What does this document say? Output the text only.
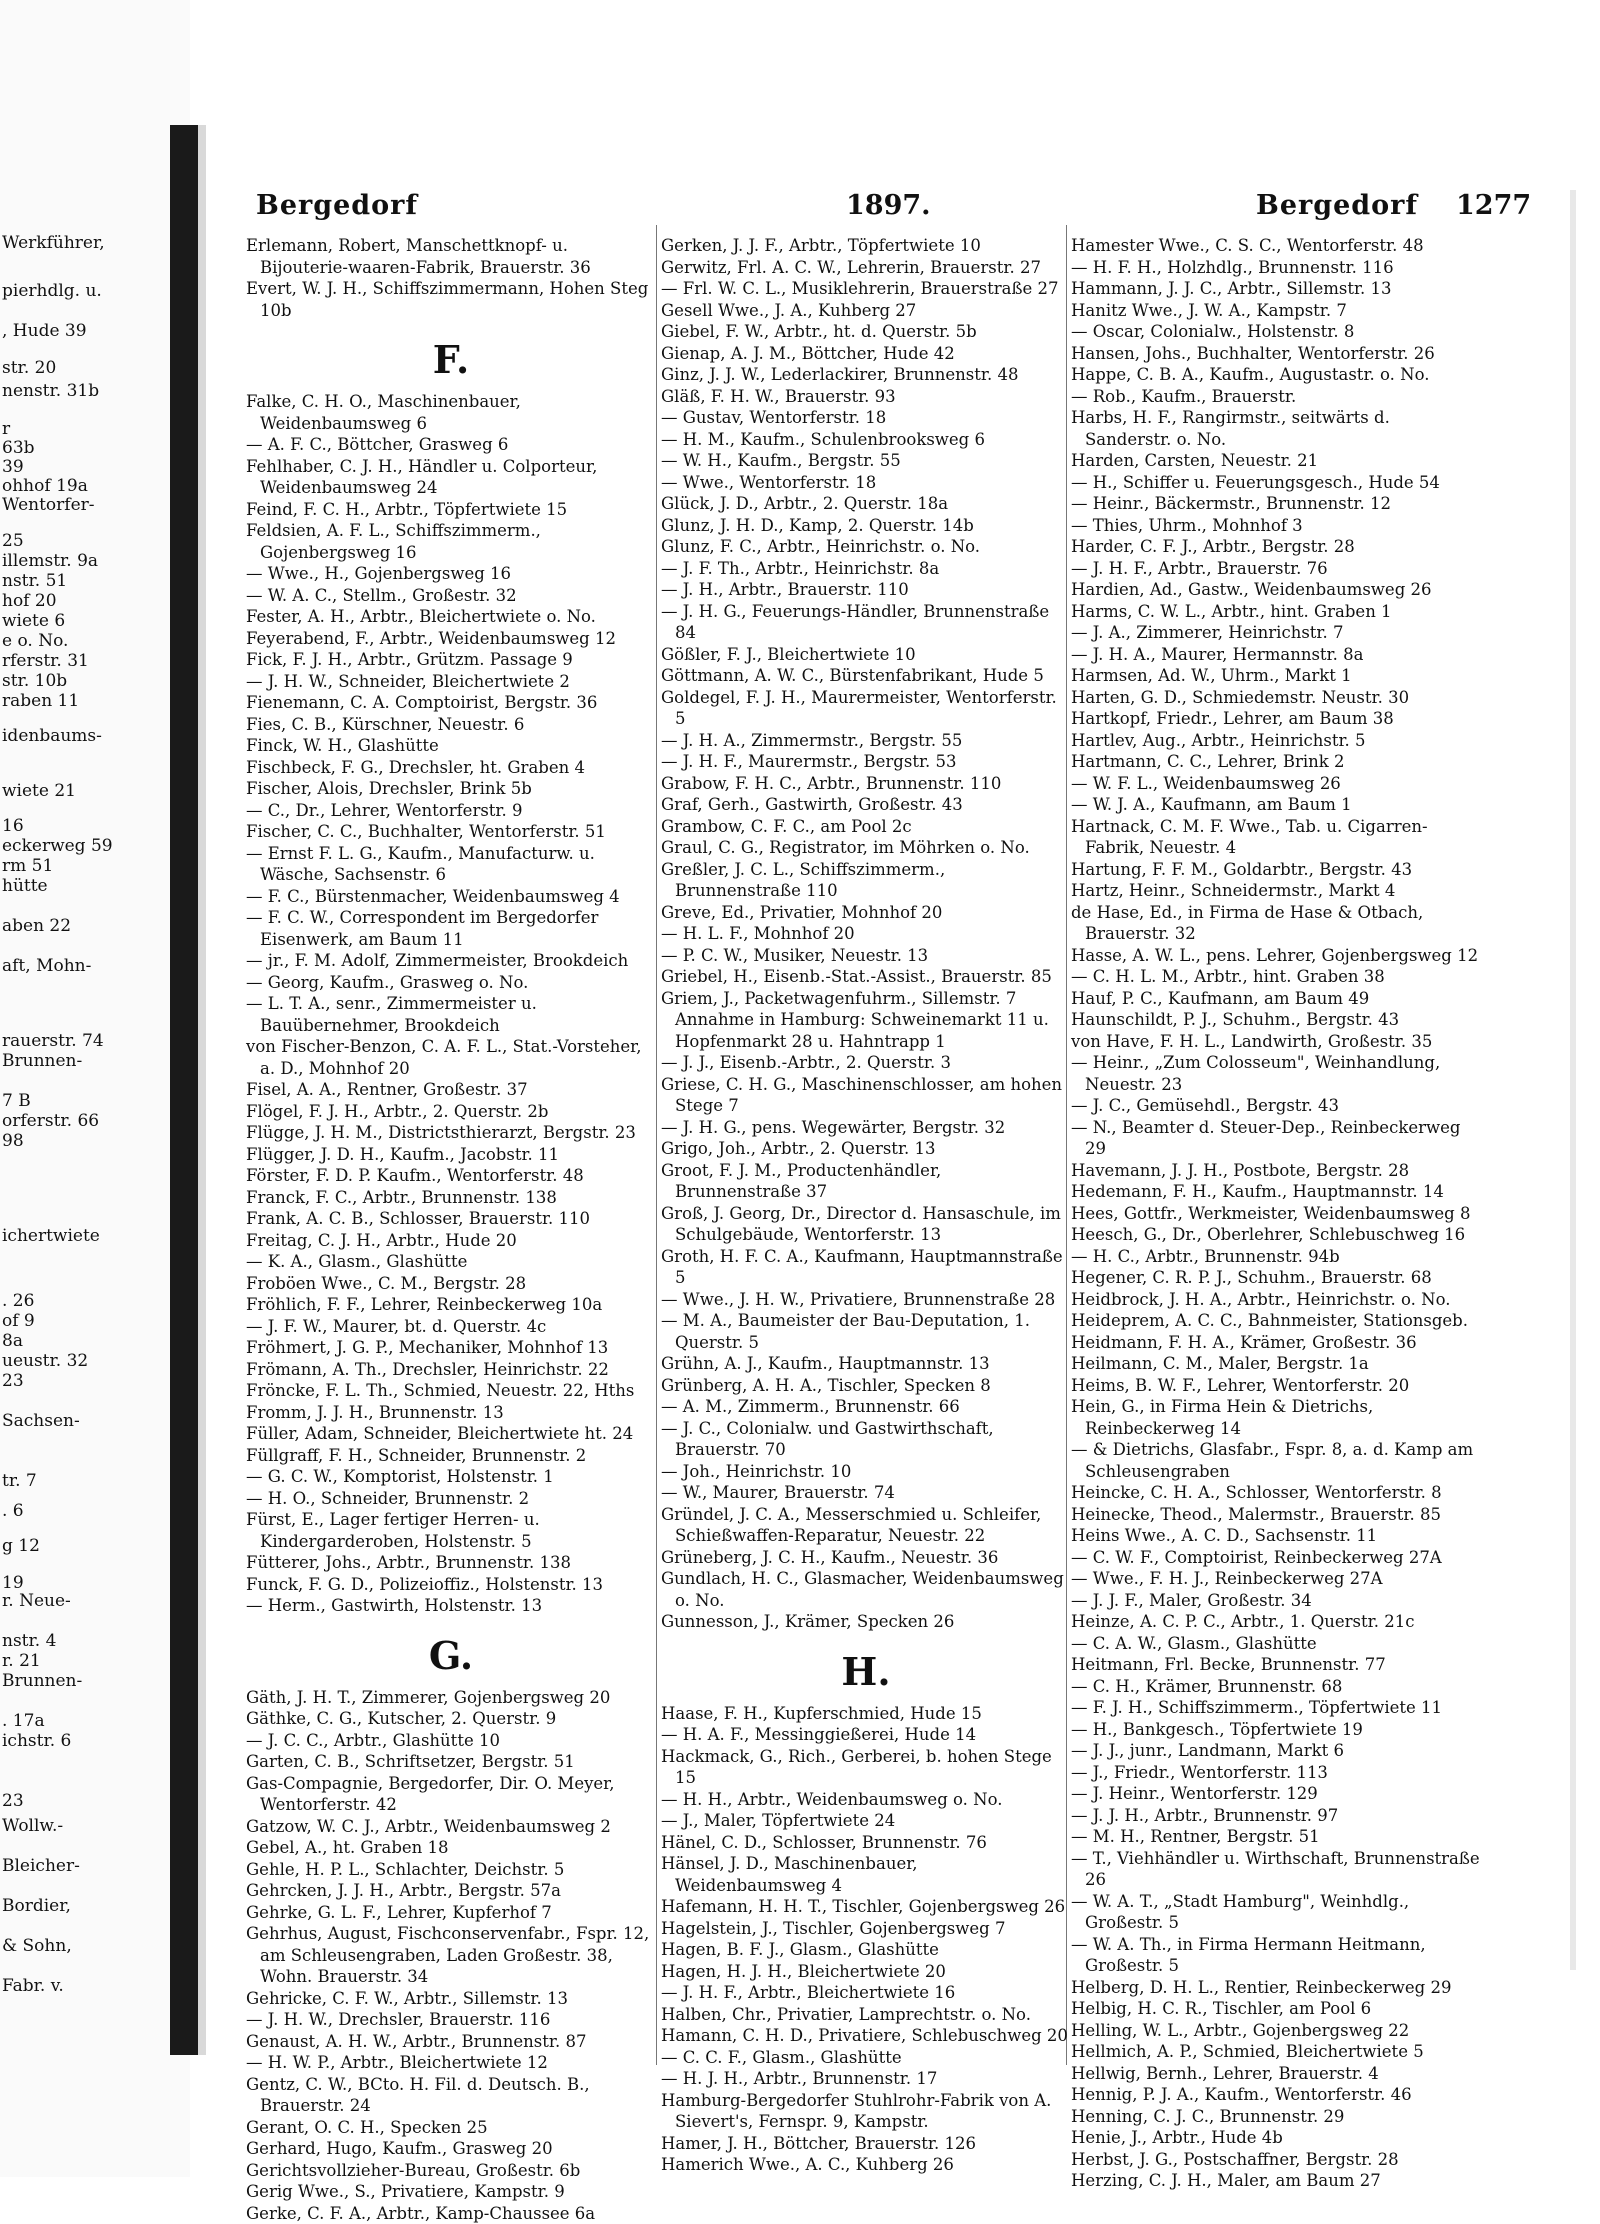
Werkführer,
pierhdlg. u.
, Hude 39
str. 20
nenstr. 31b
r
63b
39
ohhof 19a
Wentorfer-
25
illemstr. 9a
nstr. 51
hof 20
wiete 6
e o. No.
rferstr. 31
str. 10b
raben 11
idenbaums-
wiete 21
16
eckerweg 59
rm 51
hütte
aben 22
aft, Mohn-
rauerstr. 74
Brunnen-
7 B
orferstr. 66
98
ichertwiete
. 26
of 9
8a
ueustr. 32
23
Sachsen-
tr. 7
. 6
g 12
19
r. Neue-
nstr. 4
r. 21
Brunnen-
. 17a
ichstr. 6
23
Wollw.-
Bleicher-
Bordier,
& Sohn,
Fabr. v.
Bergedorf	1897.	Bergedorf 1277

Erlemann, Robert, Manschettknopf- u. Bijouterie-waaren-Fabrik, Brauerstr. 36

Evert, W. J. H., Schiffszimmermann, Hohen Steg 10b

F.

Falke, C. H. O., Maschinenbauer, Weidenbaumsweg 6

— A. F. C., Böttcher, Grasweg 6

Fehlhaber, C. J. H., Händler u. Colporteur, Weidenbaumsweg 24

Feind, F. C. H., Arbtr., Töpfertwiete 15

Feldsien, A. F. L., Schiffszimmerm., Gojenbergsweg 16

— Wwe., H., Gojenbergsweg 16

— W. A. C., Stellm., Großestr. 32

Fester, A. H., Arbtr., Bleichertwiete o. No.

Feyerabend, F., Arbtr., Weidenbaumsweg 12

Fick, F. J. H., Arbtr., Grützm. Passage 9

— J. H. W., Schneider, Bleichertwiete 2

Fienemann, C. A. Comptoirist, Bergstr. 36

Fies, C. B., Kürschner, Neuestr. 6

Finck, W. H., Glashütte

Fischbeck, F. G., Drechsler, ht. Graben 4

Fischer, Alois, Drechsler, Brink 5b

— C., Dr., Lehrer, Wentorferstr. 9

Fischer, C. C., Buchhalter, Wentorferstr. 51

— Ernst F. L. G., Kaufm., Manufacturw. u. Wäsche, Sachsenstr. 6

— F. C., Bürstenmacher, Weidenbaumsweg 4

— F. C. W., Correspondent im Bergedorfer Eisenwerk, am Baum 11

— jr., F. M. Adolf, Zimmermeister, Brookdeich

— Georg, Kaufm., Grasweg o. No.

— L. T. A., senr., Zimmermeister u. Bauübernehmer, Brookdeich

von Fischer-Benzon, C. A. F. L., Stat.-Vorsteher, a. D., Mohnhof 20

Fisel, A. A., Rentner, Großestr. 37

Flögel, F. J. H., Arbtr., 2. Querstr. 2b

Flügge, J. H. M., Districtsthierarzt, Bergstr. 23

Flügger, J. D. H., Kaufm., Jacobstr. 11

Förster, F. D. P. Kaufm., Wentorferstr. 48

Franck, F. C., Arbtr., Brunnenstr. 138

Frank, A. C. B., Schlosser, Brauerstr. 110

Freitag, C. J. H., Arbtr., Hude 20

— K. A., Glasm., Glashütte

Froböen Wwe., C. M., Bergstr. 28

Fröhlich, F. F., Lehrer, Reinbeckerweg 10a

— J. F. W., Maurer, bt. d. Querstr. 4c

Fröhmert, J. G. P., Mechaniker, Mohnhof 13

Frömann, A. Th., Drechsler, Heinrichstr. 22

Fröncke, F. L. Th., Schmied, Neuestr. 22, Hths

Fromm, J. J. H., Brunnenstr. 13

Füller, Adam, Schneider, Bleichertwiete ht. 24

Füllgraff, F. H., Schneider, Brunnenstr. 2

— G. C. W., Komptorist, Holstenstr. 1

— H. O., Schneider, Brunnenstr. 2

Fürst, E., Lager fertiger Herren- u. Kindergarderoben, Holstenstr. 5

Fütterer, Johs., Arbtr., Brunnenstr. 138

Funck, F. G. D., Polizeioffiz., Holstenstr. 13

— Herm., Gastwirth, Holstenstr. 13

G.

Gäth, J. H. T., Zimmerer, Gojenbergsweg 20

Gäthke, C. G., Kutscher, 2. Querstr. 9

— J. C. C., Arbtr., Glashütte 10

Garten, C. B., Schriftsetzer, Bergstr. 51

Gas-Compagnie, Bergedorfer, Dir. O. Meyer, Wentorferstr. 42

Gatzow, W. C. J., Arbtr., Weidenbaumsweg 2

Gebel, A., ht. Graben 18

Gehle, H. P. L., Schlachter, Deichstr. 5

Gehrcken, J. J. H., Arbtr., Bergstr. 57a

Gehrke, G. L. F., Lehrer, Kupferhof 7

Gehrhus, August, Fischconservenfabr., Fspr. 12, am Schleusengraben, Laden Großestr. 38, Wohn. Brauerstr. 34

Gehricke, C. F. W., Arbtr., Sillemstr. 13

— J. H. W., Drechsler, Brauerstr. 116

Genaust, A. H. W., Arbtr., Brunnenstr. 87

— H. W. P., Arbtr., Bleichertwiete 12

Gentz, C. W., BCto. H. Fil. d. Deutsch. B., Brauerstr. 24

Gerant, O. C. H., Specken 25

Gerhard, Hugo, Kaufm., Grasweg 20

Gerichtsvollzieher-Bureau, Großestr. 6b

Gerig Wwe., S., Privatiere, Kampstr. 9

Gerke, C. F. A., Arbtr., Kamp-Chaussee 6a

Gerken, J. J. F., Arbtr., Töpfertwiete 10

Gerwitz, Frl. A. C. W., Lehrerin, Brauerstr. 27

— Frl. W. C. L., Musiklehrerin, Brauerstraße 27

Gesell Wwe., J. A., Kuhberg 27

Giebel, F. W., Arbtr., ht. d. Querstr. 5b

Gienap, A. J. M., Böttcher, Hude 42

Ginz, J. J. W., Lederlackirer, Brunnenstr. 48

Gläß, F. H. W., Brauerstr. 93

— Gustav, Wentorferstr. 18

— H. M., Kaufm., Schulenbrooksweg 6

— W. H., Kaufm., Bergstr. 55

— Wwe., Wentorferstr. 18

Glück, J. D., Arbtr., 2. Querstr. 18a

Glunz, J. H. D., Kamp, 2. Querstr. 14b

Glunz, F. C., Arbtr., Heinrichstr. o. No.

— J. F. Th., Arbtr., Heinrichstr. 8a

— J. H., Arbtr., Brauerstr. 110

— J. H. G., Feuerungs-Händler, Brunnenstraße 84

Gößler, F. J., Bleichertwiete 10

Göttmann, A. W. C., Bürstenfabrikant, Hude 5

Goldegel, F. J. H., Maurermeister, Wentorferstr. 5

— J. H. A., Zimmermstr., Bergstr. 55

— J. H. F., Maurermstr., Bergstr. 53

Grabow, F. H. C., Arbtr., Brunnenstr. 110

Graf, Gerh., Gastwirth, Großestr. 43

Grambow, C. F. C., am Pool 2c

Graul, C. G., Registrator, im Möhrken o. No.

Greßler, J. C. L., Schiffszimmerm., Brunnenstraße 110

Greve, Ed., Privatier, Mohnhof 20

— H. L. F., Mohnhof 20

— P. C. W., Musiker, Neuestr. 13

Griebel, H., Eisenb.-Stat.-Assist., Brauerstr. 85

Griem, J., Packetwagenfuhrm., Sillemstr. 7 Annahme in Hamburg: Schweinemarkt 11 u. Hopfenmarkt 28 u. Hahntrapp 1

— J. J., Eisenb.-Arbtr., 2. Querstr. 3

Griese, C. H. G., Maschinenschlosser, am hohen Stege 7

— J. H. G., pens. Wegewärter, Bergstr. 32

Grigo, Joh., Arbtr., 2. Querstr. 13

Groot, F. J. M., Productenhändler, Brunnenstraße 37

Groß, J. Georg, Dr., Director d. Hansaschule, im Schulgebäude, Wentorferstr. 13

Groth, H. F. C. A., Kaufmann, Hauptmannstraße 5

— Wwe., J. H. W., Privatiere, Brunnenstraße 28

— M. A., Baumeister der Bau-Deputation, 1. Querstr. 5

Grühn, A. J., Kaufm., Hauptmannstr. 13

Grünberg, A. H. A., Tischler, Specken 8

— A. M., Zimmerm., Brunnenstr. 66

— J. C., Colonialw. und Gastwirthschaft, Brauerstr. 70

— Joh., Heinrichstr. 10

— W., Maurer, Brauerstr. 74

Gründel, J. C. A., Messerschmied u. Schleifer, Schießwaffen-Reparatur, Neuestr. 22

Grüneberg, J. C. H., Kaufm., Neuestr. 36

Gundlach, H. C., Glasmacher, Weidenbaumsweg o. No.

Gunnesson, J., Krämer, Specken 26

H.

Haase, F. H., Kupferschmied, Hude 15

— H. A. F., Messinggießerei, Hude 14

Hackmack, G., Rich., Gerberei, b. hohen Stege 15

— H. H., Arbtr., Weidenbaumsweg o. No.

— J., Maler, Töpfertwiete 24

Hänel, C. D., Schlosser, Brunnenstr. 76

Hänsel, J. D., Maschinenbauer, Weidenbaumsweg 4

Hafemann, H. H. T., Tischler, Gojenbergsweg 26

Hagelstein, J., Tischler, Gojenbergsweg 7

Hagen, B. F. J., Glasm., Glashütte

Hagen, H. J. H., Bleichertwiete 20

— J. H. F., Arbtr., Bleichertwiete 16

Halben, Chr., Privatier, Lamprechtstr. o. No.

Hamann, C. H. D., Privatiere, Schlebuschweg 20

— C. C. F., Glasm., Glashütte

— H. J. H., Arbtr., Brunnenstr. 17

Hamburg-Bergedorfer Stuhlrohr-Fabrik von A. Sievert's, Fernspr. 9, Kampstr.

Hamer, J. H., Böttcher, Brauerstr. 126

Hamerich Wwe., A. C., Kuhberg 26

Hamester Wwe., C. S. C., Wentorferstr. 48

— H. F. H., Holzhdlg., Brunnenstr. 116

Hammann, J. J. C., Arbtr., Sillemstr. 13

Hanitz Wwe., J. W. A., Kampstr. 7

— Oscar, Colonialw., Holstenstr. 8

Hansen, Johs., Buchhalter, Wentorferstr. 26

Happe, C. B. A., Kaufm., Augustastr. o. No.

— Rob., Kaufm., Brauerstr.

Harbs, H. F., Rangirmstr., seitwärts d. Sanderstr. o. No.

Harden, Carsten, Neuestr. 21

— H., Schiffer u. Feuerungsgesch., Hude 54

— Heinr., Bäckermstr., Brunnenstr. 12

— Thies, Uhrm., Mohnhof 3

Harder, C. F. J., Arbtr., Bergstr. 28

— J. H. F., Arbtr., Brauerstr. 76

Hardien, Ad., Gastw., Weidenbaumsweg 26

Harms, C. W. L., Arbtr., hint. Graben 1

— J. A., Zimmerer, Heinrichstr. 7

— J. H. A., Maurer, Hermannstr. 8a

Harmsen, Ad. W., Uhrm., Markt 1

Harten, G. D., Schmiedemstr. Neustr. 30

Hartkopf, Friedr., Lehrer, am Baum 38

Hartlev, Aug., Arbtr., Heinrichstr. 5

Hartmann, C. C., Lehrer, Brink 2

— W. F. L., Weidenbaumsweg 26

— W. J. A., Kaufmann, am Baum 1

Hartnack, C. M. F. Wwe., Tab. u. Cigarren-Fabrik, Neuestr. 4

Hartung, F. F. M., Goldarbtr., Bergstr. 43

Hartz, Heinr., Schneidermstr., Markt 4

de Hase, Ed., in Firma de Hase & Otbach, Brauerstr. 32

Hasse, A. W. L., pens. Lehrer, Gojenbergsweg 12

— C. H. L. M., Arbtr., hint. Graben 38

Hauf, P. C., Kaufmann, am Baum 49

Haunschildt, P. J., Schuhm., Bergstr. 43

von Have, F. H. L., Landwirth, Großestr. 35

— Heinr., „Zum Colosseum", Weinhandlung, Neuestr. 23

— J. C., Gemüsehdl., Bergstr. 43

— N., Beamter d. Steuer-Dep., Reinbeckerweg 29

Havemann, J. J. H., Postbote, Bergstr. 28

Hedemann, F. H., Kaufm., Hauptmannstr. 14

Hees, Gottfr., Werkmeister, Weidenbaumsweg 8

Heesch, G., Dr., Oberlehrer, Schlebuschweg 16

— H. C., Arbtr., Brunnenstr. 94b

Hegener, C. R. P. J., Schuhm., Brauerstr. 68

Heidbrock, J. H. A., Arbtr., Heinrichstr. o. No.

Heideprem, A. C. C., Bahnmeister, Stationsgeb.

Heidmann, F. H. A., Krämer, Großestr. 36

Heilmann, C. M., Maler, Bergstr. 1a

Heims, B. W. F., Lehrer, Wentorferstr. 20

Hein, G., in Firma Hein & Dietrichs, Reinbeckerweg 14

— & Dietrichs, Glasfabr., Fspr. 8, a. d. Kamp am Schleusengraben

Heincke, C. H. A., Schlosser, Wentorferstr. 8

Heinecke, Theod., Malermstr., Brauerstr. 85

Heins Wwe., A. C. D., Sachsenstr. 11

— C. W. F., Comptoirist, Reinbeckerweg 27A

— Wwe., F. H. J., Reinbeckerweg 27A

— J. J. F., Maler, Großestr. 34

Heinze, A. C. P. C., Arbtr., 1. Querstr. 21c

— C. A. W., Glasm., Glashütte

Heitmann, Frl. Becke, Brunnenstr. 77

— C. H., Krämer, Brunnenstr. 68

— F. J. H., Schiffszimmerm., Töpfertwiete 11

— H., Bankgesch., Töpfertwiete 19

— J. J., junr., Landmann, Markt 6

— J., Friedr., Wentorferstr. 113

— J. Heinr., Wentorferstr. 129

— J. J. H., Arbtr., Brunnenstr. 97

— M. H., Rentner, Bergstr. 51

— T., Viehhändler u. Wirthschaft, Brunnenstraße 26

— W. A. T., „Stadt Hamburg", Weinhdlg., Großestr. 5

— W. A. Th., in Firma Hermann Heitmann, Großestr. 5

Helberg, D. H. L., Rentier, Reinbeckerweg 29

Helbig, H. C. R., Tischler, am Pool 6

Helling, W. L., Arbtr., Gojenbergsweg 22

Hellmich, A. P., Schmied, Bleichertwiete 5

Hellwig, Bernh., Lehrer, Brauerstr. 4

Hennig, P. J. A., Kaufm., Wentorferstr. 46

Henning, C. J. C., Brunnenstr. 29

Henie, J., Arbtr., Hude 4b

Herbst, J. G., Postschaffner, Bergstr. 28

Herzing, C. J. H., Maler, am Baum 27
